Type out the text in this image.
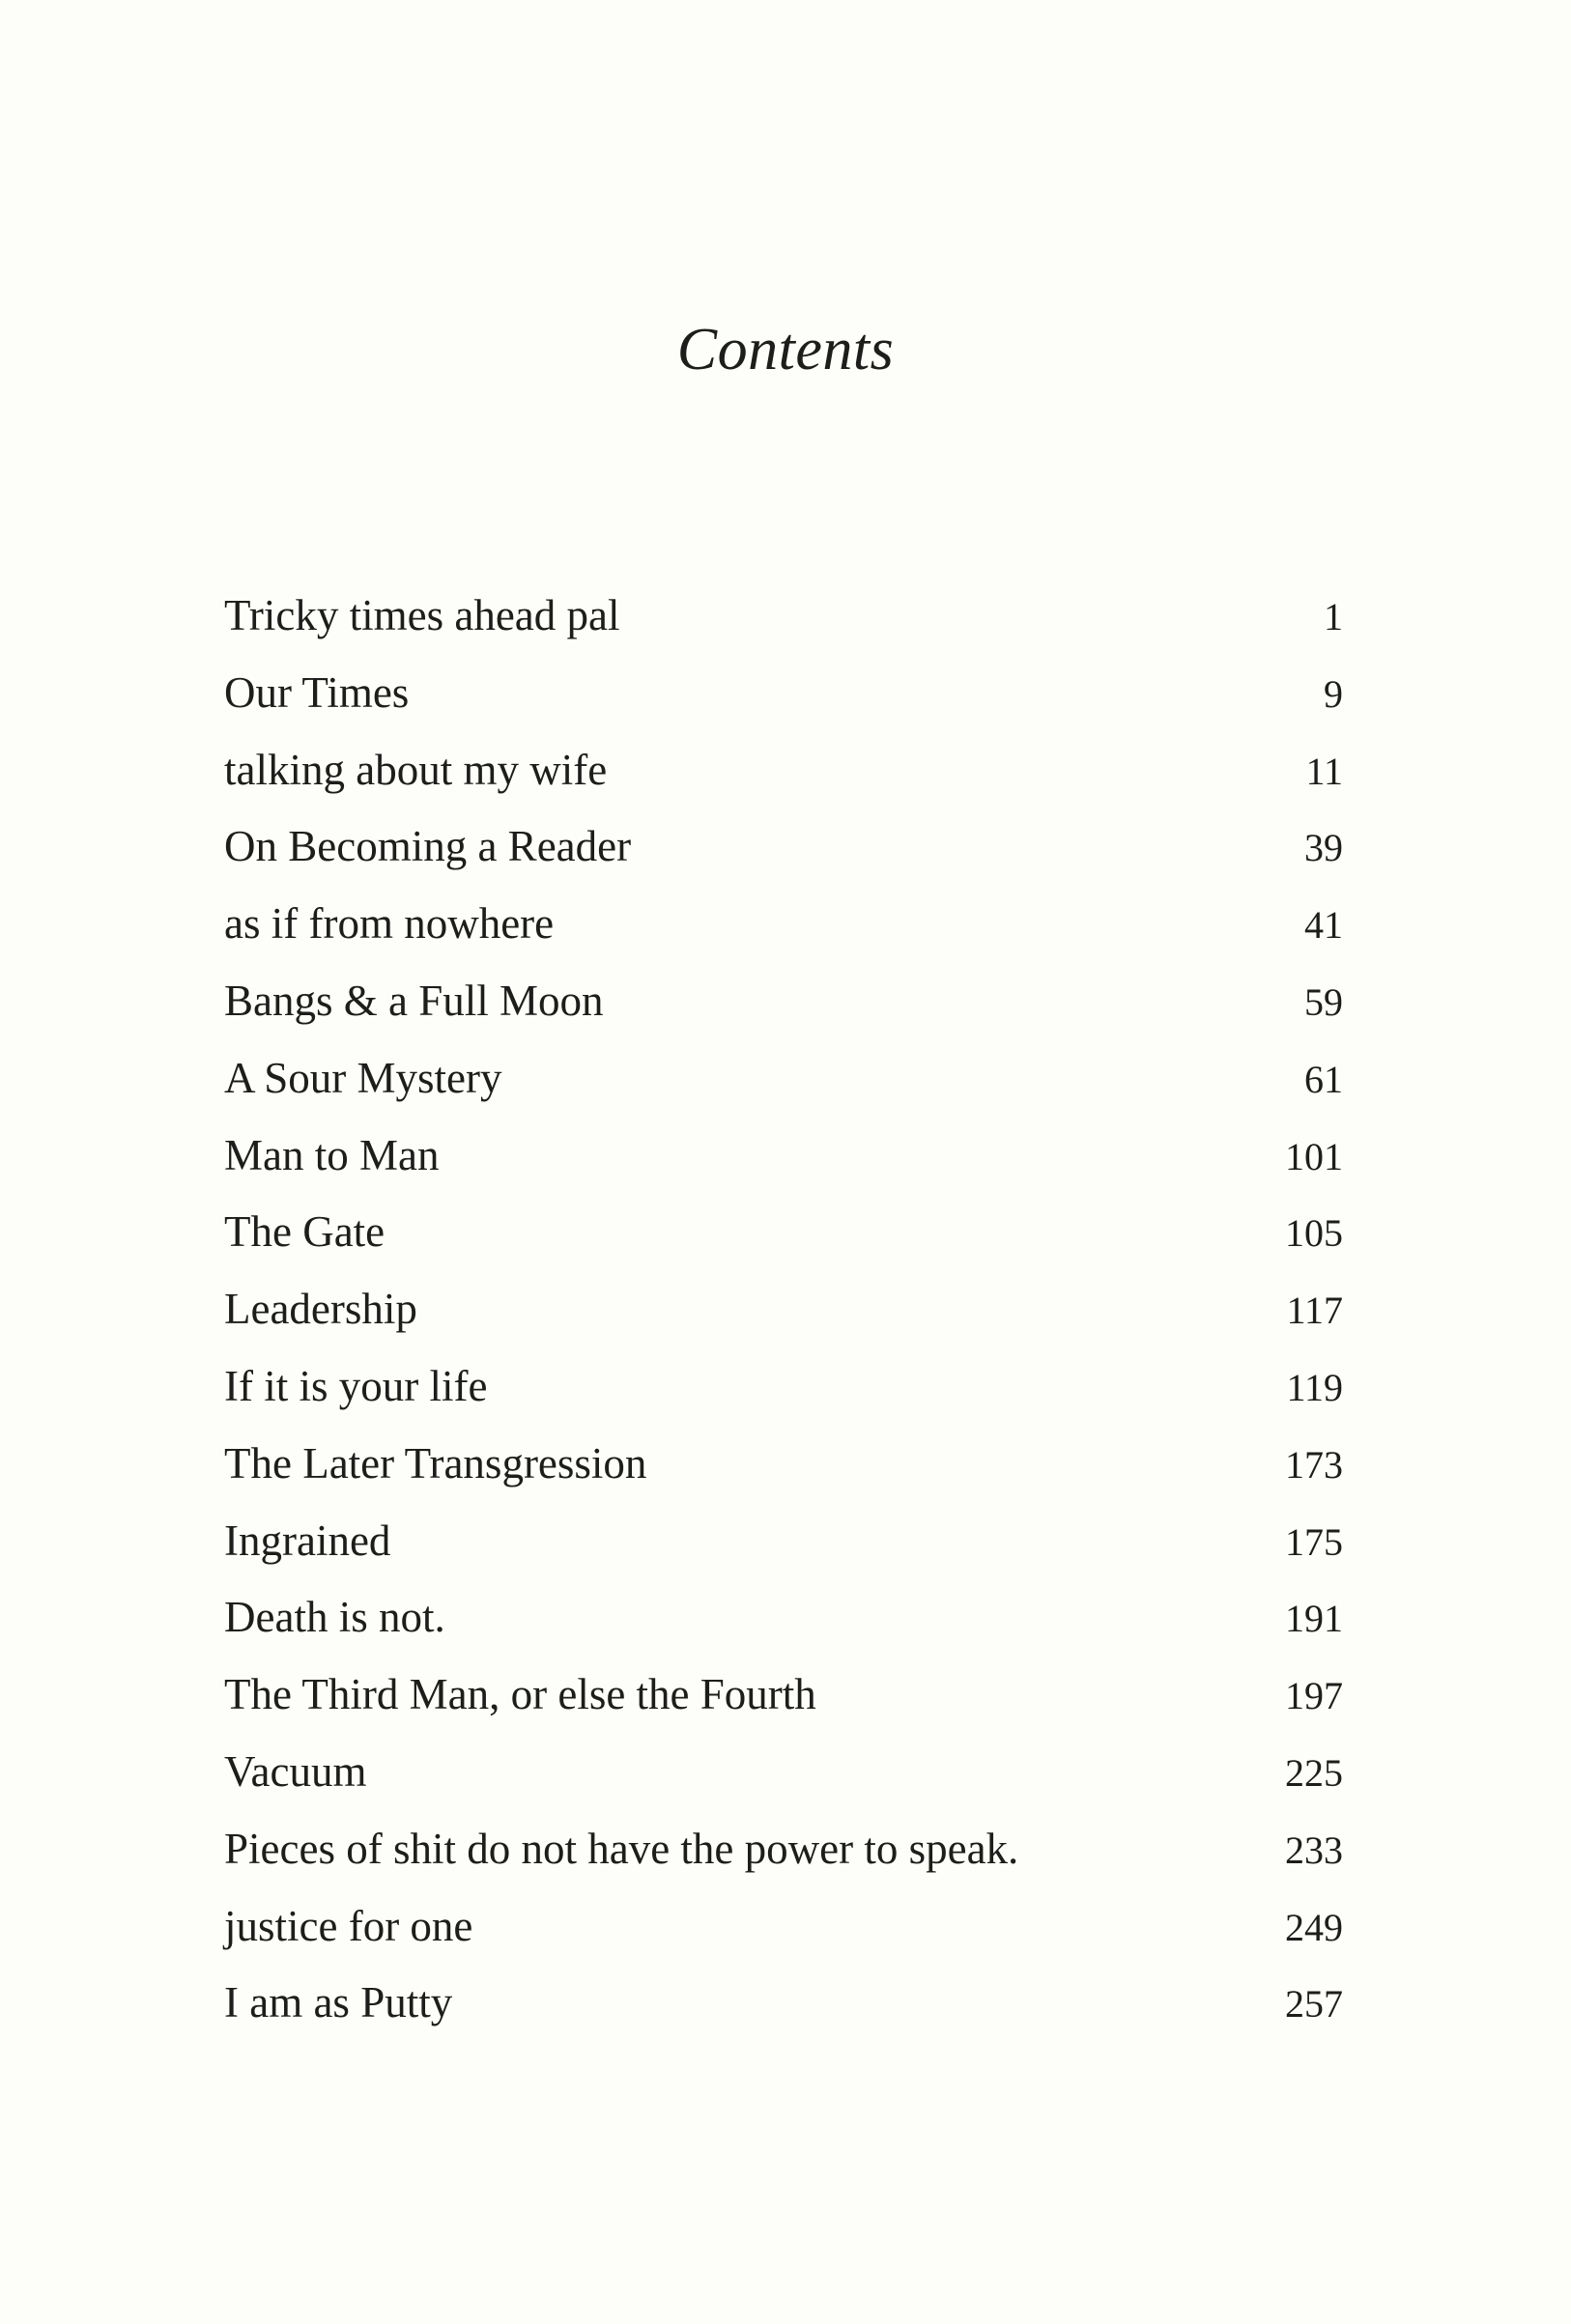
Contents
Tricky times ahead pal	1
Our Times	9
talking about my wife	11
On Becoming a Reader	39
as if from nowhere	41
Bangs & a Full Moon	59
A Sour Mystery	61
Man to Man	101
The Gate	105
Leadership	117
If it is your life	119
The Later Transgression	173
Ingrained	175
Death is not.	191
The Third Man, or else the Fourth	197
Vacuum	225
Pieces of shit do not have the power to speak.	233
justice for one	249
I am as Putty	257
